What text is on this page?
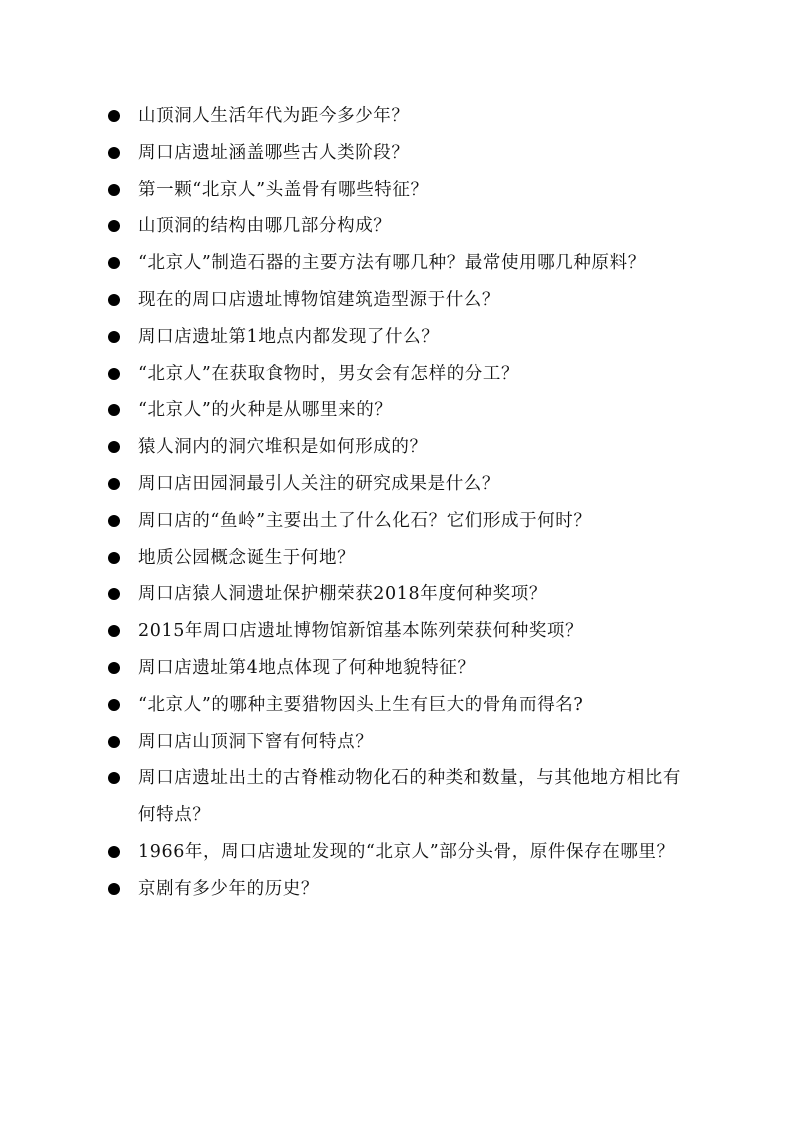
山顶洞人生活年代为距今多少年？
周口店遗址涵盖哪些古人类阶段？
第一颗“北京人”头盖骨有哪些特征？
山顶洞的结构由哪几部分构成？
“北京人”制造石器的主要方法有哪几种？最常使用哪几种原料？
现在的周口店遗址博物馆建筑造型源于什么？
周口店遗址第1地点内都发现了什么？
“北京人”在获取食物时，男女会有怎样的分工？
“北京人”的火种是从哪里来的？
猿人洞内的洞穴堆积是如何形成的？
周口店田园洞最引人关注的研究成果是什么？
周口店的“鱼岭”主要出土了什么化石？它们形成于何时？
地质公园概念诞生于何地？
周口店猿人洞遗址保护棚荣获2018年度何种奖项？
2015年周口店遗址博物馆新馆基本陈列荣获何种奖项？
周口店遗址第4地点体现了何种地貌特征？
“北京人”的哪种主要猎物因头上生有巨大的骨角而得名?
周口店山顶洞下窨有何特点？
周口店遗址出土的古脊椎动物化石的种类和数量，与其他地方相比有何特点？
1966年，周口店遗址发现的“北京人”部分头骨，原件保存在哪里？
京剧有多少年的历史？
